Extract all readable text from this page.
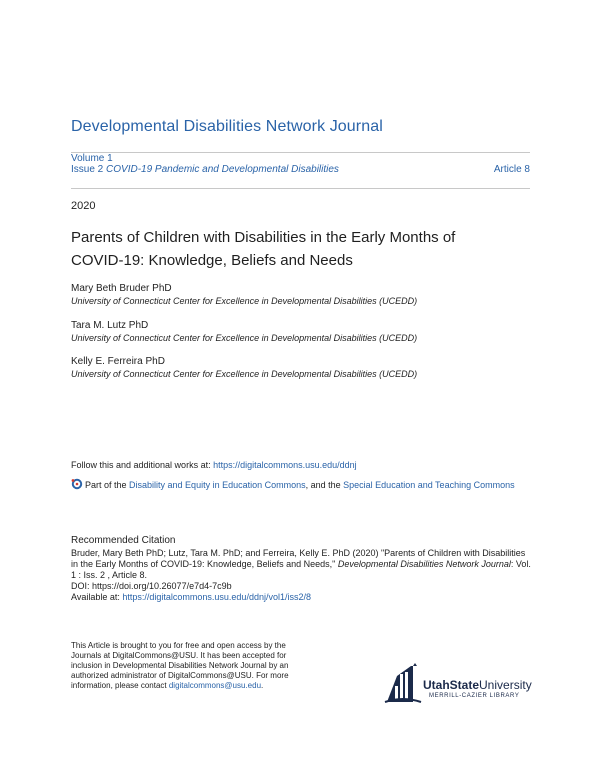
Developmental Disabilities Network Journal
Volume 1
Issue 2 COVID-19 Pandemic and Developmental Disabilities	Article 8
2020
Parents of Children with Disabilities in the Early Months of COVID-19: Knowledge, Beliefs and Needs
Mary Beth Bruder PhD
University of Connecticut Center for Excellence in Developmental Disabilities (UCEDD)
Tara M. Lutz PhD
University of Connecticut Center for Excellence in Developmental Disabilities (UCEDD)
Kelly E. Ferreira PhD
University of Connecticut Center for Excellence in Developmental Disabilities (UCEDD)
Follow this and additional works at: https://digitalcommons.usu.edu/ddnj
Part of the Disability and Equity in Education Commons, and the Special Education and Teaching Commons
Recommended Citation
Bruder, Mary Beth PhD; Lutz, Tara M. PhD; and Ferreira, Kelly E. PhD (2020) "Parents of Children with Disabilities in the Early Months of COVID-19: Knowledge, Beliefs and Needs," Developmental Disabilities Network Journal: Vol. 1 : Iss. 2 , Article 8.
DOI: https://doi.org/10.26077/e7d4-7c9b
Available at: https://digitalcommons.usu.edu/ddnj/vol1/iss2/8
This Article is brought to you for free and open access by the Journals at DigitalCommons@USU. It has been accepted for inclusion in Developmental Disabilities Network Journal by an authorized administrator of DigitalCommons@USU. For more information, please contact digitalcommons@usu.edu.	UtahStateUniversity
MERRILL-CAZIER LIBRARY
